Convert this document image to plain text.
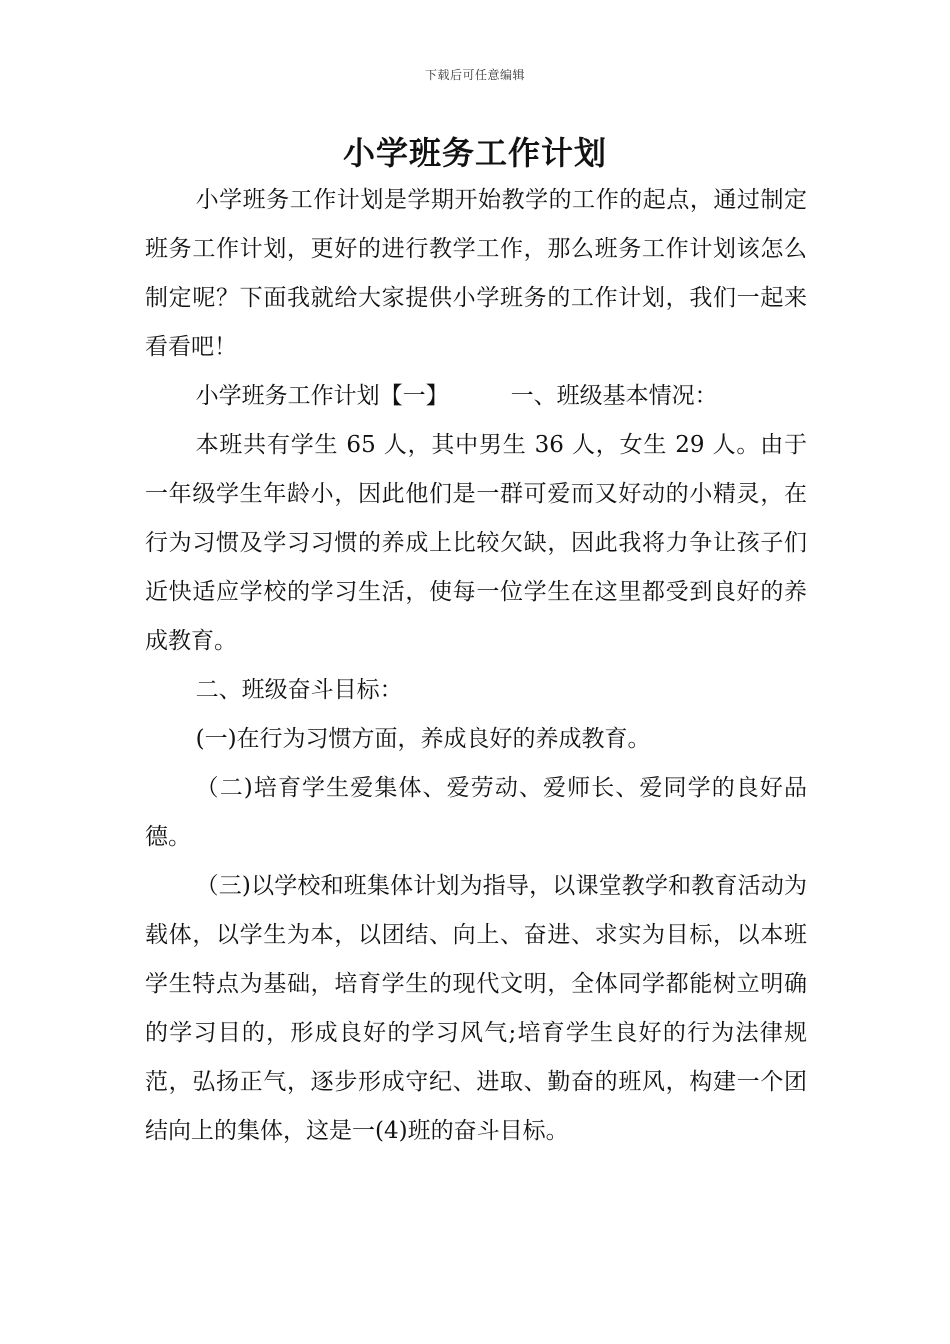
下载后可任意编辑
小学班务工作计划

小学班务工作计划是学期开始教学的工作的起点，通过制定班务工作计划，更好的进行教学工作，那么班务工作计划该怎么制定呢？下面我就给大家提供小学班务的工作计划，我们一起来看看吧！

小学班务工作计划【一】	一、班级基本情况：

本班共有学生 65 人，其中男生 36 人，女生 29 人。由于一年级学生年龄小，因此他们是一群可爱而又好动的小精灵，在行为习惯及学习习惯的养成上比较欠缺，因此我将力争让孩子们近快适应学校的学习生活，使每一位学生在这里都受到良好的养成教育。

二、班级奋斗目标：

(一)在行为习惯方面，养成良好的养成教育。

（二)培育学生爱集体、爱劳动、爱师长、爱同学的良好品德。

（三)以学校和班集体计划为指导，以课堂教学和教育活动为载体，以学生为本，以团结、向上、奋进、求实为目标，以本班学生特点为基础，培育学生的现代文明，全体同学都能树立明确的学习目的，形成良好的学习风气;培育学生良好的行为法律规范，弘扬正气，逐步形成守纪、进取、勤奋的班风，构建一个团结向上的集体，这是一(4)班的奋斗目标。
